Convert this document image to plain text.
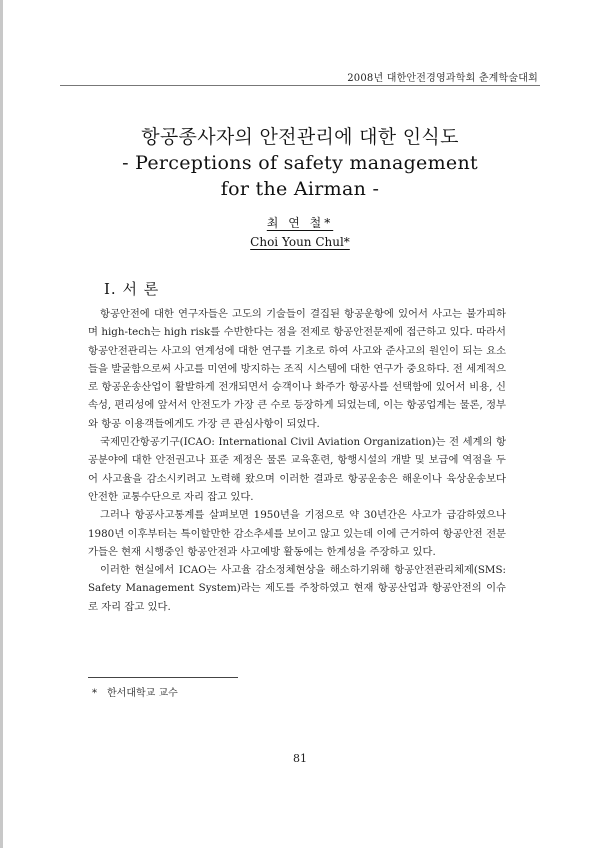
2008년 대한안전경영과학회 춘계학술대회
항공종사자의 안전관리에 대한 인식도
- Perceptions of safety management
for the Airman -
최 연 철*
Choi Youn Chul*
Ⅰ. 서 론

항공안전에 대한 연구자들은 고도의 기술들이 결집된 항공운항에 있어서 사고는 불가피하며 high-tech는 high risk를 수반한다는 점을 전제로 항공안전문제에 접근하고 있다. 따라서 항공안전관리는 사고의 연계성에 대한 연구를 기초로 하여 사고와 준사고의 원인이 되는 요소들을 발굴함으로써 사고를 미연에 방지하는 조직 시스템에 대한 연구가 중요하다. 전 세계적으로 항공운송산업이 활발하게 전개되면서 승객이나 화주가 항공사를 선택함에 있어서 비용, 신속성, 편리성에 앞서서 안전도가 가장 큰 수로 등장하게 되었는데, 이는 항공업계는 물론, 정부와 항공 이용객들에게도 가장 큰 관심사항이 되었다.

국제민간항공기구(ICAO: International Civil Aviation Organization)는 전 세계의 항공분야에 대한 안전권고나 표준 제정은 물론 교육훈련, 항행시설의 개발 및 보급에 역점을 두어 사고율을 감소시키려고 노력해 왔으며 이러한 결과로 항공운송은 해운이나 육상운송보다 안전한 교통수단으로 자리 잡고 있다.

그러나 항공사고통계를 살펴보면 1950년을 기점으로 약 30년간은 사고가 급감하였으나 1980년 이후부터는 특이할만한 감소추세를 보이고 않고 있는데 이에 근거하여 항공안전 전문가들은 현재 시행중인 항공안전과 사고예방 활동에는 한계성을 주장하고 있다.

이러한 현실에서 ICAO는 사고율 감소정체현상을 해소하기위해 항공안전관리체제(SMS: Safety Management System)라는 제도를 주창하였고 현재 항공산업과 항공안전의 이슈로 자리 잡고 있다.

* 한서대학교 교수
81
